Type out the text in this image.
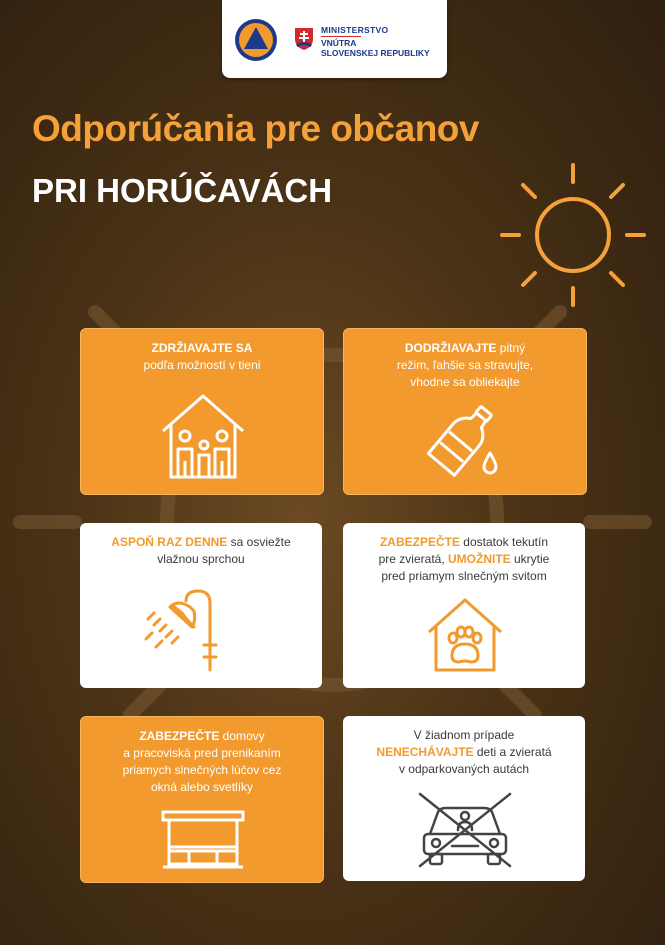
MINISTERSTVO
VNÚTRA
SLOVENSKEJ REPUBLIKY
Odporúčania pre občanov
PRI HORÚČAVÁCH
ZDRŽIAVAJTE SA
podľa možností v tieni
DODRŽIAVAJTE pitný
režim, ľahšie sa stravujte,
vhodne sa obliekajte
ASPOŇ RAZ DENNE sa osviežte
vlažnou sprchou
ZABEZPEČTE dostatok tekutín
pre zvieratá, UMOŽNITE ukrytie
pred priamym slnečným svitom
ZABEZPEČTE domovy
a pracoviská pred prenikaním
priamych slnečných lúčov cez
okná alebo svetlíky
V žiadnom prípade
NENECHÁVAJTE deti a zvieratá
v odparkovaných autách
